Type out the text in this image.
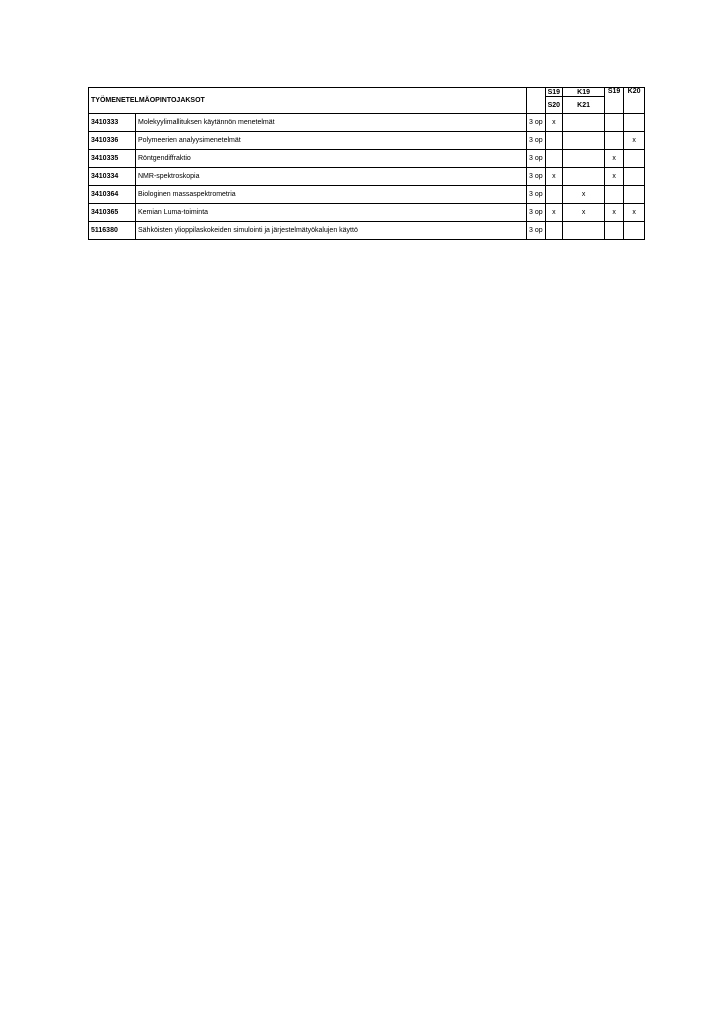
TYÖMENETELMÄOPINTOJAKSOT			S19	K19	S19	K20
			S20	K21		
3410333	Molekyylimallituksen käytännön menetelmät	3 op	x			
3410336	Polymeerien analyysimenetelmät	3 op				x
3410335	Röntgendiffraktio	3 op			x	
3410334	NMR-spektroskopia	3 op	x		x	
3410364	Biologinen massaspektrometria	3 op		x		
3410365	Kemian Luma-toiminta	3 op	x	x	x	x
5116380	Sähköisten ylioppilaskokeiden simulointi ja järjestelmätyökalujen käyttö	3 op				
